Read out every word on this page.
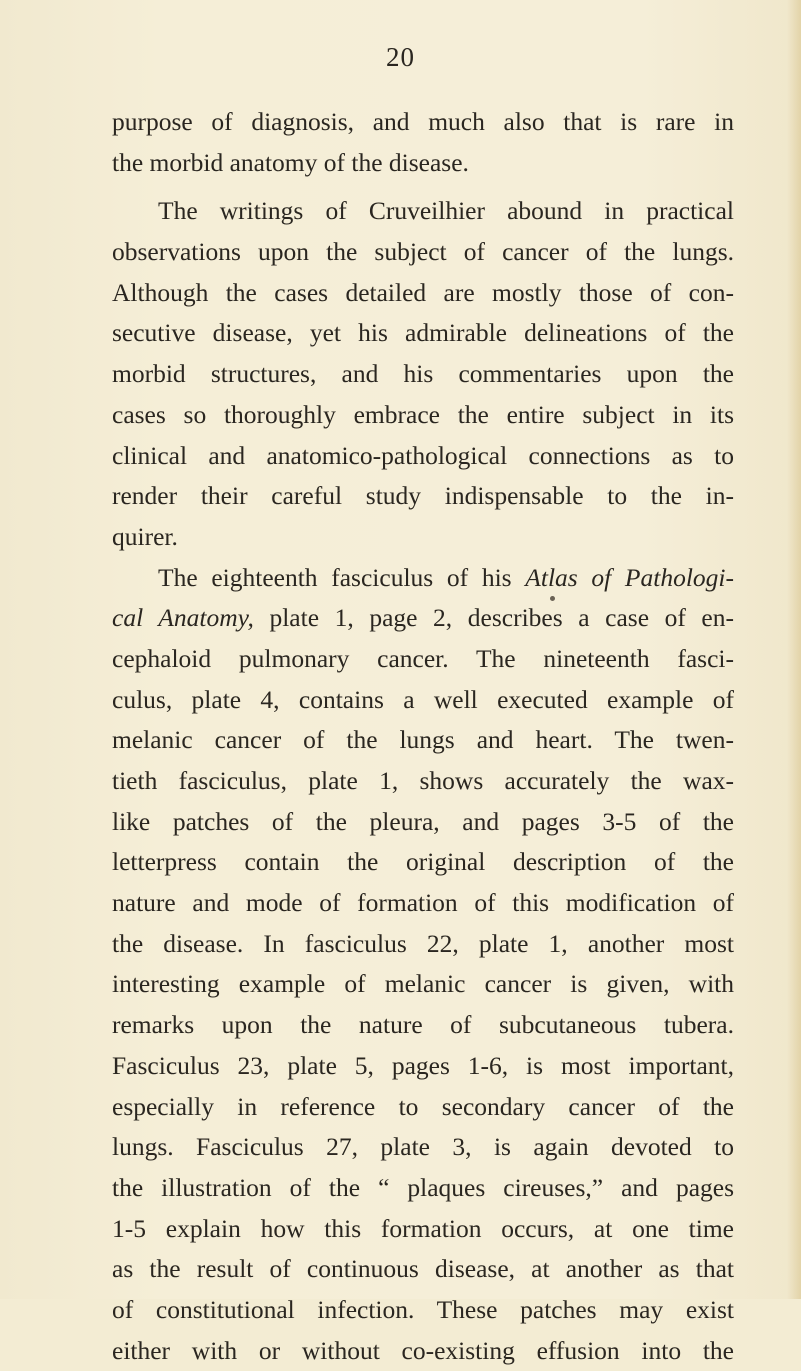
20
purpose of diagnosis, and much also that is rare in
the morbid anatomy of the disease.
The writings of Cruveilhier abound in practical
observations upon the subject of cancer of the lungs.
Although the cases detailed are mostly those of con-
secutive disease, yet his admirable delineations of the
morbid structures, and his commentaries upon the
cases so thoroughly embrace the entire subject in its
clinical and anatomico-pathological connections as to
render their careful study indispensable to the in-
quirer.
The eighteenth fasciculus of his Atlas of Pathologi-
cal Anatomy, plate 1, page 2, describes a case of en-
cephaloid pulmonary cancer. The nineteenth fasci-
culus, plate 4, contains a well executed example of
melanic cancer of the lungs and heart. The twen-
tieth fasciculus, plate 1, shows accurately the wax-
like patches of the pleura, and pages 3-5 of the
letterpress contain the original description of the
nature and mode of formation of this modification of
the disease. In fasciculus 22, plate 1, another most
interesting example of melanic cancer is given, with
remarks upon the nature of subcutaneous tubera.
Fasciculus 23, plate 5, pages 1-6, is most important,
especially in reference to secondary cancer of the
lungs. Fasciculus 27, plate 3, is again devoted to
the illustration of the “ plaques cireuses,” and pages
1-5 explain how this formation occurs, at one time
as the result of continuous disease, at another as that
of constitutional infection. These patches may exist
either with or without co-existing effusion into the
